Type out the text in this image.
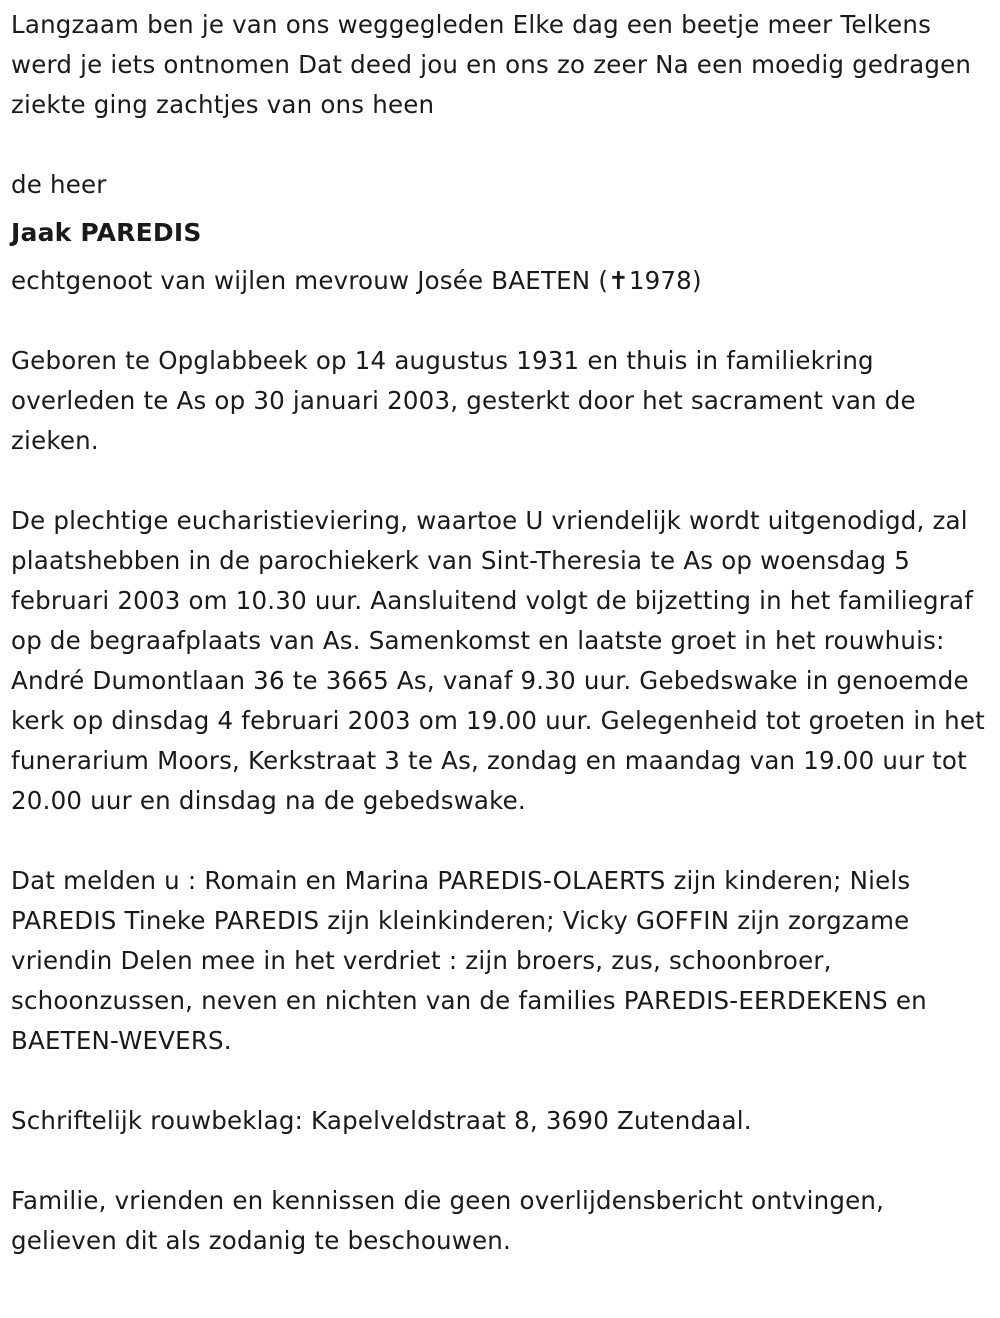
Langzaam ben je van ons weggegleden Elke dag een beetje meer Telkens werd je iets ontnomen Dat deed jou en ons zo zeer Na een moedig gedragen ziekte ging zachtjes van ons heen

de heer

Jaak PAREDIS

echtgenoot van wijlen mevrouw Josée BAETEN (✝1978)

Geboren te Opglabbeek op 14 augustus 1931 en thuis in familiekring overleden te As op 30 januari 2003, gesterkt door het sacrament van de zieken.

De plechtige eucharistieviering, waartoe U vriendelijk wordt uitgenodigd, zal plaatshebben in de parochiekerk van Sint-Theresia te As op woensdag 5 februari 2003 om 10.30 uur. Aansluitend volgt de bijzetting in het familiegraf op de begraafplaats van As. Samenkomst en laatste groet in het rouwhuis: André Dumontlaan 36 te 3665 As, vanaf 9.30 uur. Gebedswake in genoemde kerk op dinsdag 4 februari 2003 om 19.00 uur. Gelegenheid tot groeten in het funerarium Moors, Kerkstraat 3 te As, zondag en maandag van 19.00 uur tot 20.00 uur en dinsdag na de gebedswake.

Dat melden u : Romain en Marina PAREDIS-OLAERTS zijn kinderen; Niels PAREDIS Tineke PAREDIS zijn kleinkinderen; Vicky GOFFIN zijn zorgzame vriendin Delen mee in het verdriet : zijn broers, zus, schoonbroer, schoonzussen, neven en nichten van de families PAREDIS-EERDEKENS en BAETEN-WEVERS.

Schriftelijk rouwbeklag: Kapelveldstraat 8, 3690 Zutendaal.

Familie, vrienden en kennissen die geen overlijdensbericht ontvingen, gelieven dit als zodanig te beschouwen.
